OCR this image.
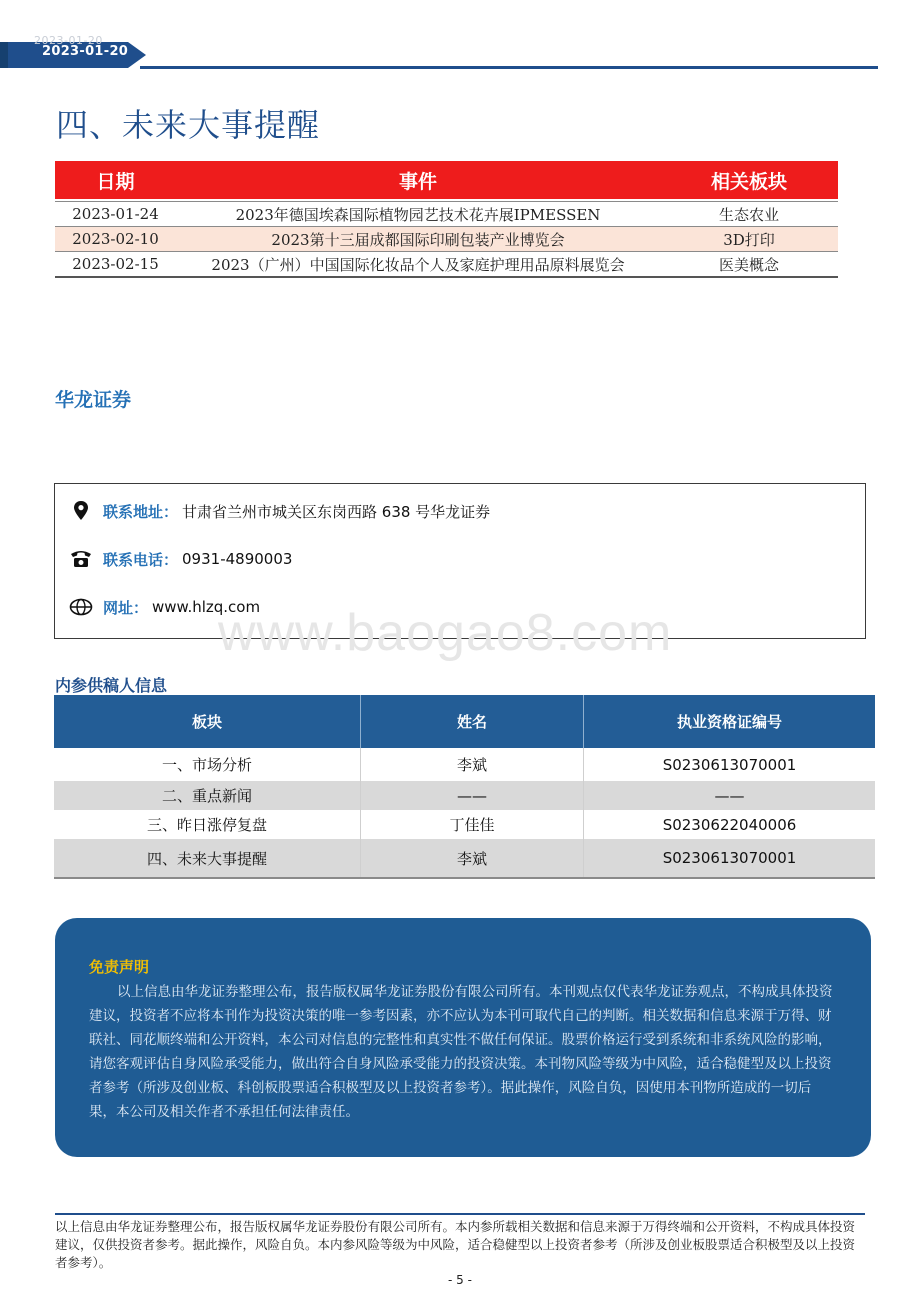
2023-01-20
2023-01-20
四、未来大事提醒
日期	事件	相关板块
2023-01-24	2023年德国埃森国际植物园艺技术花卉展IPMESSEN	生态农业
2023-02-10	2023第十三届成都国际印刷包装产业博览会	3D打印
2023-02-15	2023（广州）中国国际化妆品个人及家庭护理用品原料展览会	医美概念
华龙证券
联系地址： 甘肃省兰州市城关区东岗西路 638 号华龙证券
联系电话： 0931-4890003
网址： www.hlzq.com
www.baogao8.com
内参供稿人信息
板块	姓名	执业资格证编号
一、市场分析	李斌	S0230613070001
二、重点新闻	——	——
三、昨日涨停复盘	丁佳佳	S0230622040006
四、未来大事提醒	李斌	S0230613070001
免责声明
以上信息由华龙证券整理公布，报告版权属华龙证券股份有限公司所有。本刊观点仅代表华龙证券观点，不构成具体投资建议，投资者不应将本刊作为投资决策的唯一参考因素，亦不应认为本刊可取代自己的判断。相关数据和信息来源于万得、财联社、同花顺终端和公开资料，本公司对信息的完整性和真实性不做任何保证。股票价格运行受到系统和非系统风险的影响，请您客观评估自身风险承受能力，做出符合自身风险承受能力的投资决策。本刊物风险等级为中风险，适合稳健型及以上投资者参考（所涉及创业板、科创板股票适合积极型及以上投资者参考）。据此操作，风险自负，因使用本刊物所造成的一切后果，本公司及相关作者不承担任何法律责任。
以上信息由华龙证券整理公布，报告版权属华龙证券股份有限公司所有。本内参所载相关数据和信息来源于万得终端和公开资料，不构成具体投资建议，仅供投资者参考。据此操作，风险自负。本内参风险等级为中风险，适合稳健型以上投资者参考（所涉及创业板股票适合积极型及以上投资者参考）。
- 5 -
